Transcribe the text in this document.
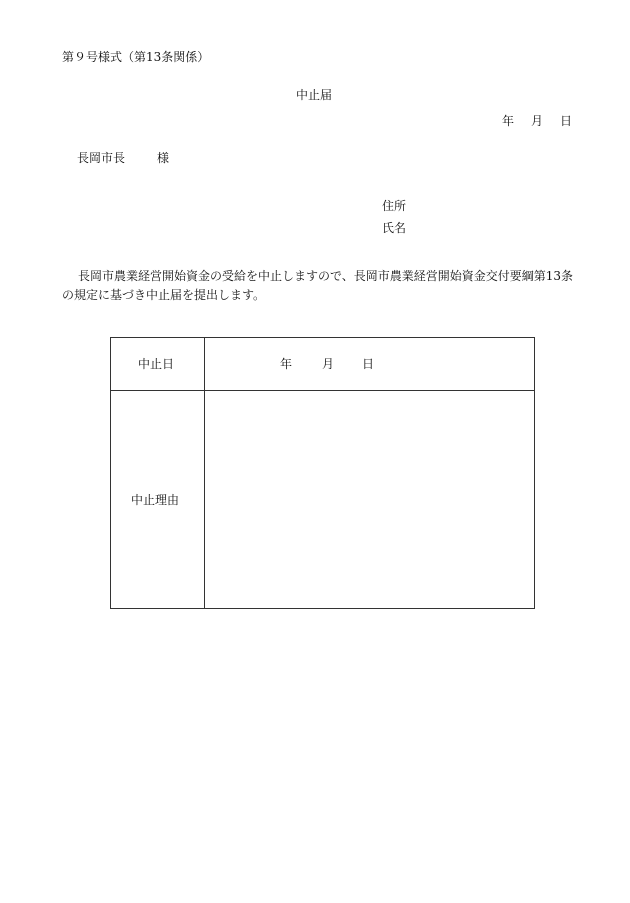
第９号様式（第13条関係）
中止届
年 月 日
長岡市長	様
住所
氏名
長岡市農業経営開始資金の受給を中止しますので、長岡市農業経営開始資金交付要綱第13条の規定に基づき中止届を提出します。
中止日	年 月 日
中止理由
